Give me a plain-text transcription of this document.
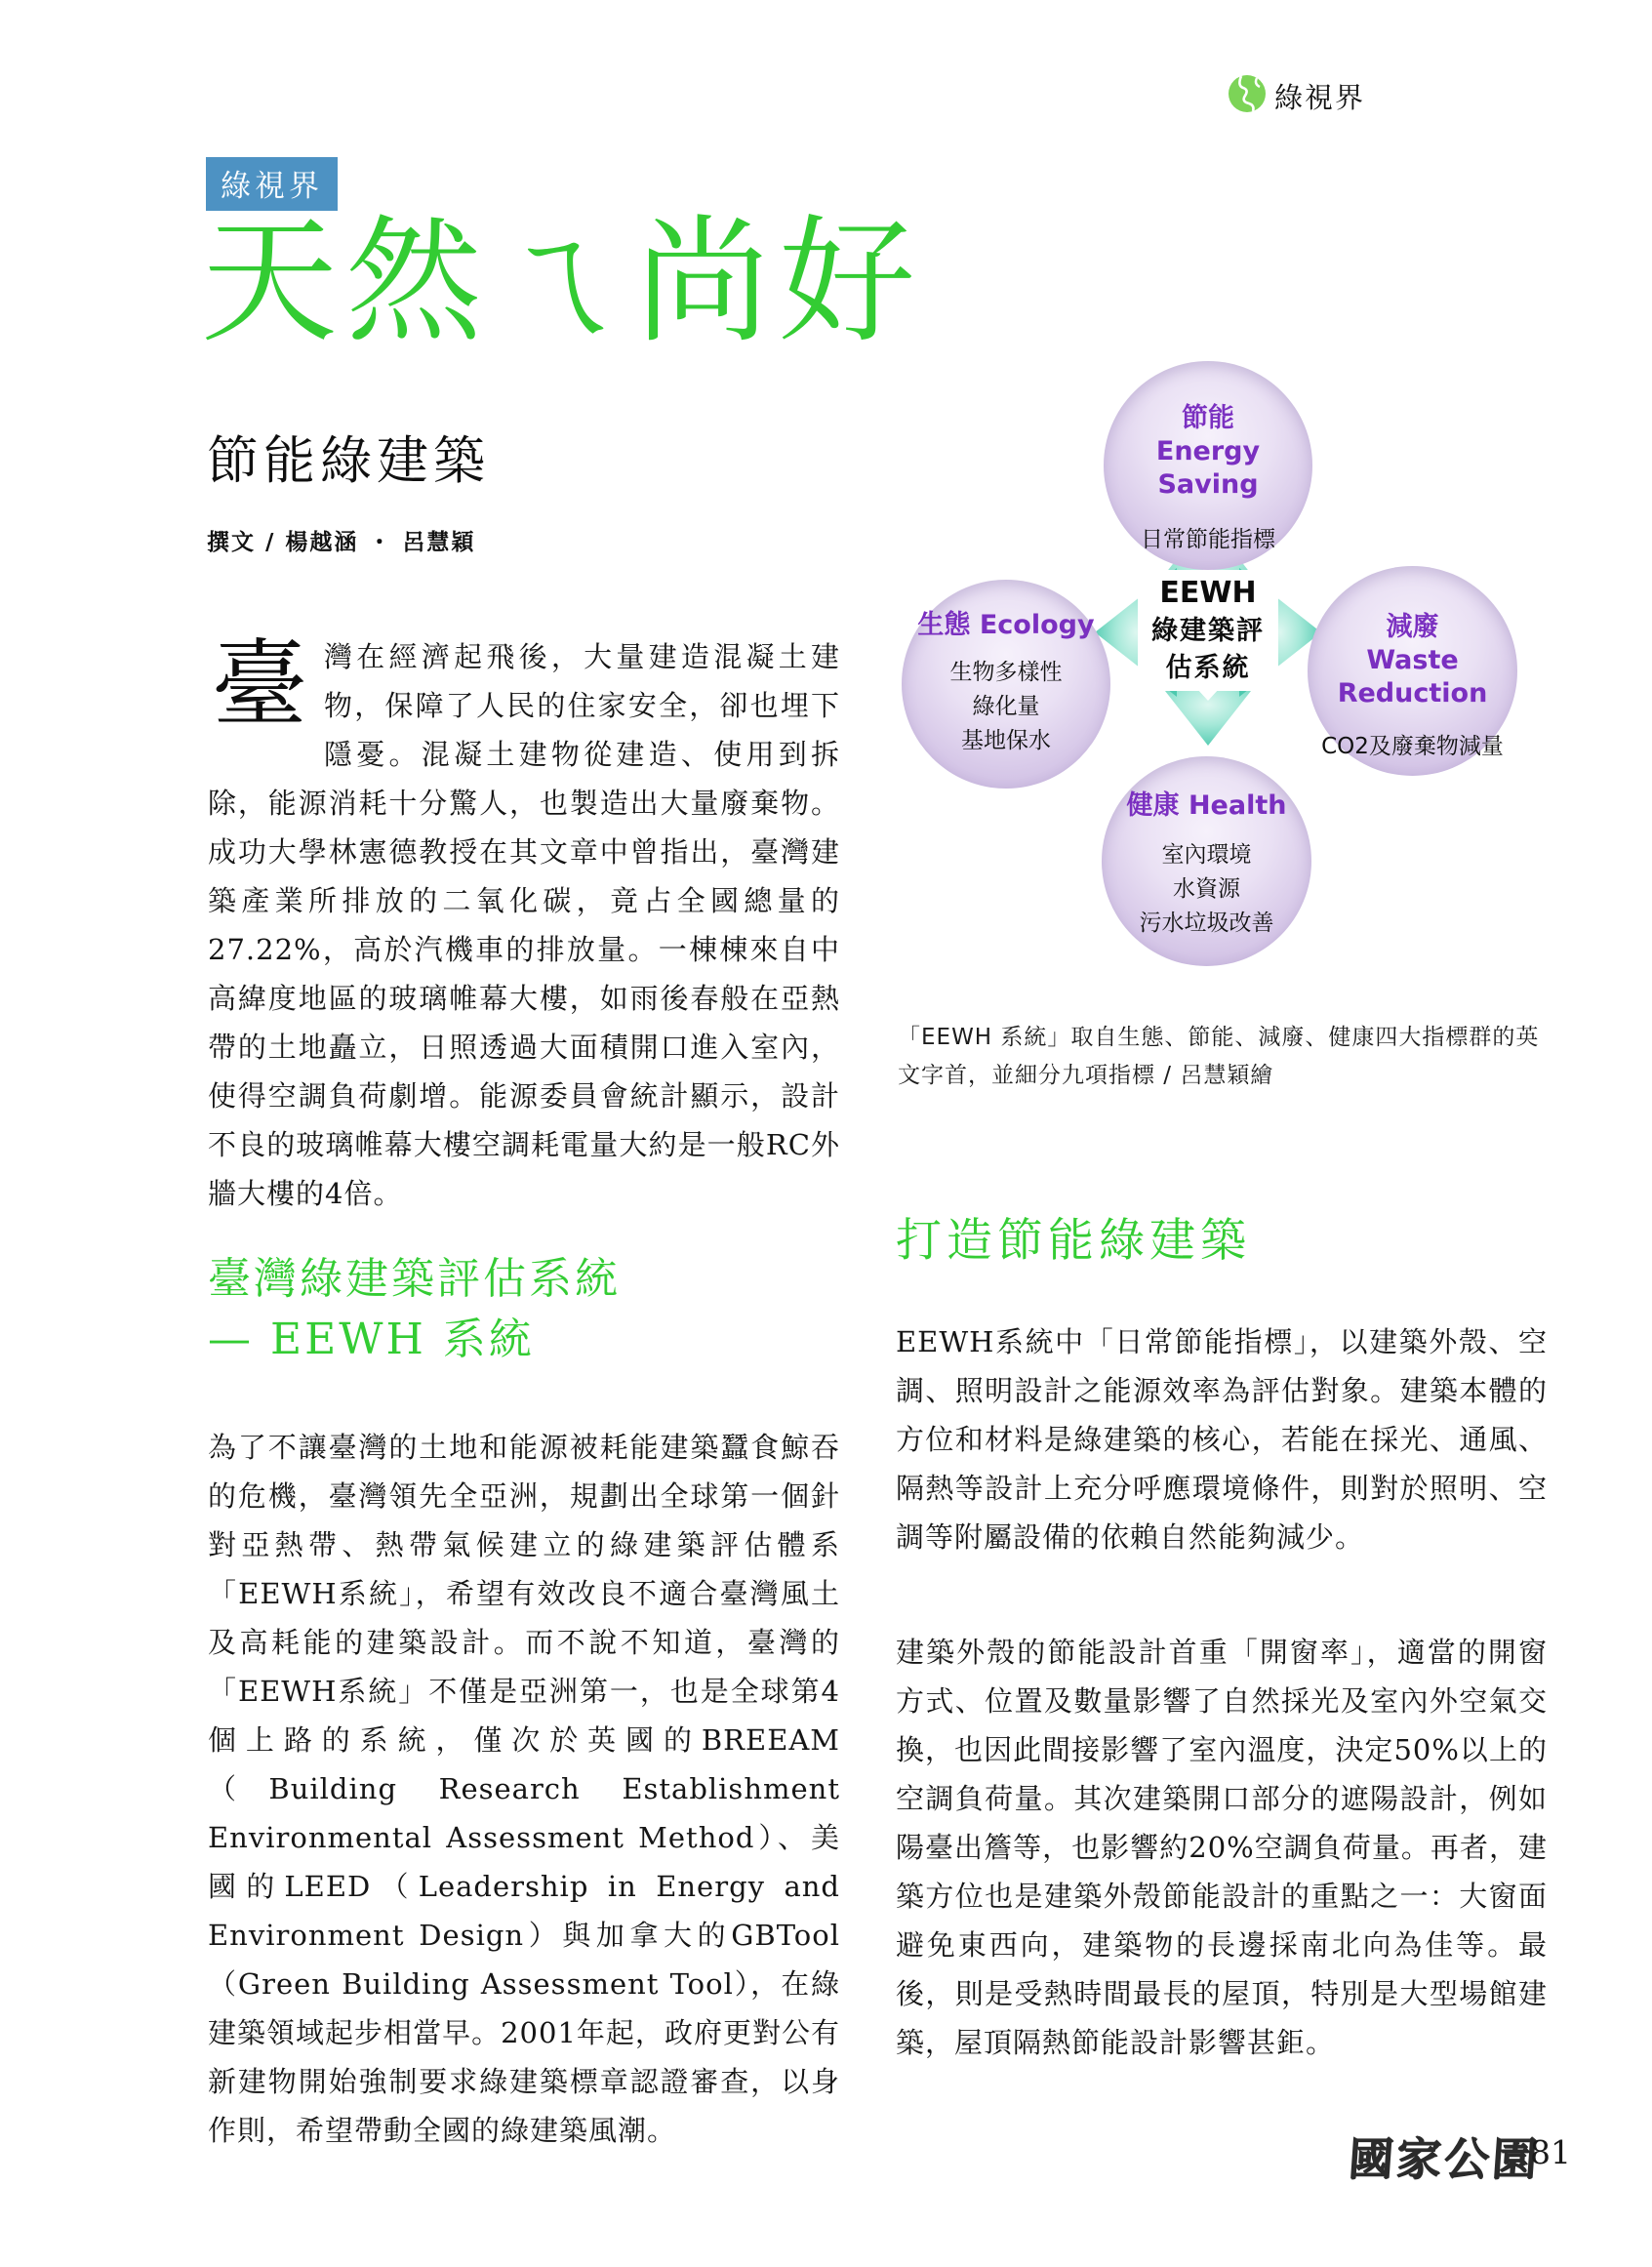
綠視界
綠視界
天然ㄟ尚好
節能綠建築
撰文 / 楊越涵 ・ 呂慧穎
臺灣在經濟起飛後，大量建造混凝土建物，保障了人民的住家安全，卻也埋下隱憂。混凝土建物從建造、使用到拆除，能源消耗十分驚人，也製造出大量廢棄物。成功大學林憲德教授在其文章中曾指出，臺灣建築產業所排放的二氧化碳，竟占全國總量的27.22%，高於汽機車的排放量。一棟棟來自中高緯度地區的玻璃帷幕大樓，如雨後春般在亞熱帶的土地矗立，日照透過大面積開口進入室內，使得空調負荷劇增。能源委員會統計顯示，設計不良的玻璃帷幕大樓空調耗電量大約是一般RC外牆大樓的4倍。
臺灣綠建築評估系統
— EEWH 系統
為了不讓臺灣的土地和能源被耗能建築蠶食鯨吞的危機，臺灣領先全亞洲，規劃出全球第一個針對亞熱帶、熱帶氣候建立的綠建築評估體系「EEWH系統」，希望有效改良不適合臺灣風土及高耗能的建築設計。而不說不知道，臺灣的「EEWH系統」不僅是亞洲第一，也是全球第4個上路的系統，僅次於英國的BREEAM（Building Research Establishment Environmental Assessment Method）、美國的LEED（Leadership in Energy and Environment Design）與加拿大的GBTool（Green Building Assessment Tool），在綠建築領域起步相當早。2001年起，政府更對公有新建物開始強制要求綠建築標章認證審查，以身作則，希望帶動全國的綠建築風潮。
EEWH
綠建築評
估系統
節能
Energy Saving
日常節能指標
生態 Ecology
生物多樣性
綠化量
基地保水
減廢
Waste Reduction
CO2及廢棄物減量
健康 Health
室內環境
水資源
污水垃圾改善
「EEWH 系統」取自生態、節能、減廢、健康四大指標群的英文字首，並細分九項指標 / 呂慧穎繪
打造節能綠建築
EEWH系統中「日常節能指標」，以建築外殼、空調、照明設計之能源效率為評估對象。建築本體的方位和材料是綠建築的核心，若能在採光、通風、隔熱等設計上充分呼應環境條件，則對於照明、空調等附屬設備的依賴自然能夠減少。
建築外殼的節能設計首重「開窗率」，適當的開窗方式、位置及數量影響了自然採光及室內外空氣交換，也因此間接影響了室內溫度，決定50%以上的空調負荷量。其次建築開口部分的遮陽設計，例如陽臺出簷等，也影響約20%空調負荷量。再者，建築方位也是建築外殼節能設計的重點之一：大窗面避免東西向，建築物的長邊採南北向為佳等。最後，則是受熱時間最長的屋頂，特別是大型場館建築，屋頂隔熱節能設計影響甚鉅。
國家公園
81
